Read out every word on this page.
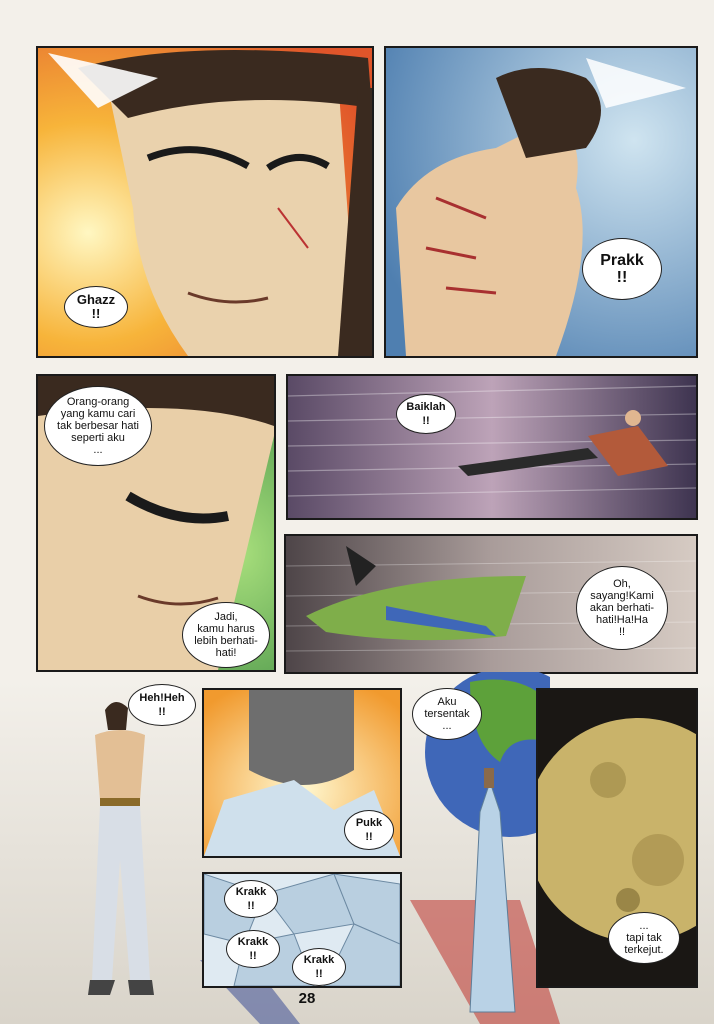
Ghazz
!!
Prakk
!!
Orang-orang
yang kamu cari
tak berbesar hati
seperti aku
...
Jadi,
kamu harus
lebih berhati-
hati!
Baiklah
!!
Oh,
sayang!Kami
akan berhati-
hati!Ha!Ha
!!
Heh!Heh
!!
Pukk
!!
Krakk
!!
Krakk
!!	Krakk
!!
Aku
tersentak
...
...
tapi tak
terkejut.
28
